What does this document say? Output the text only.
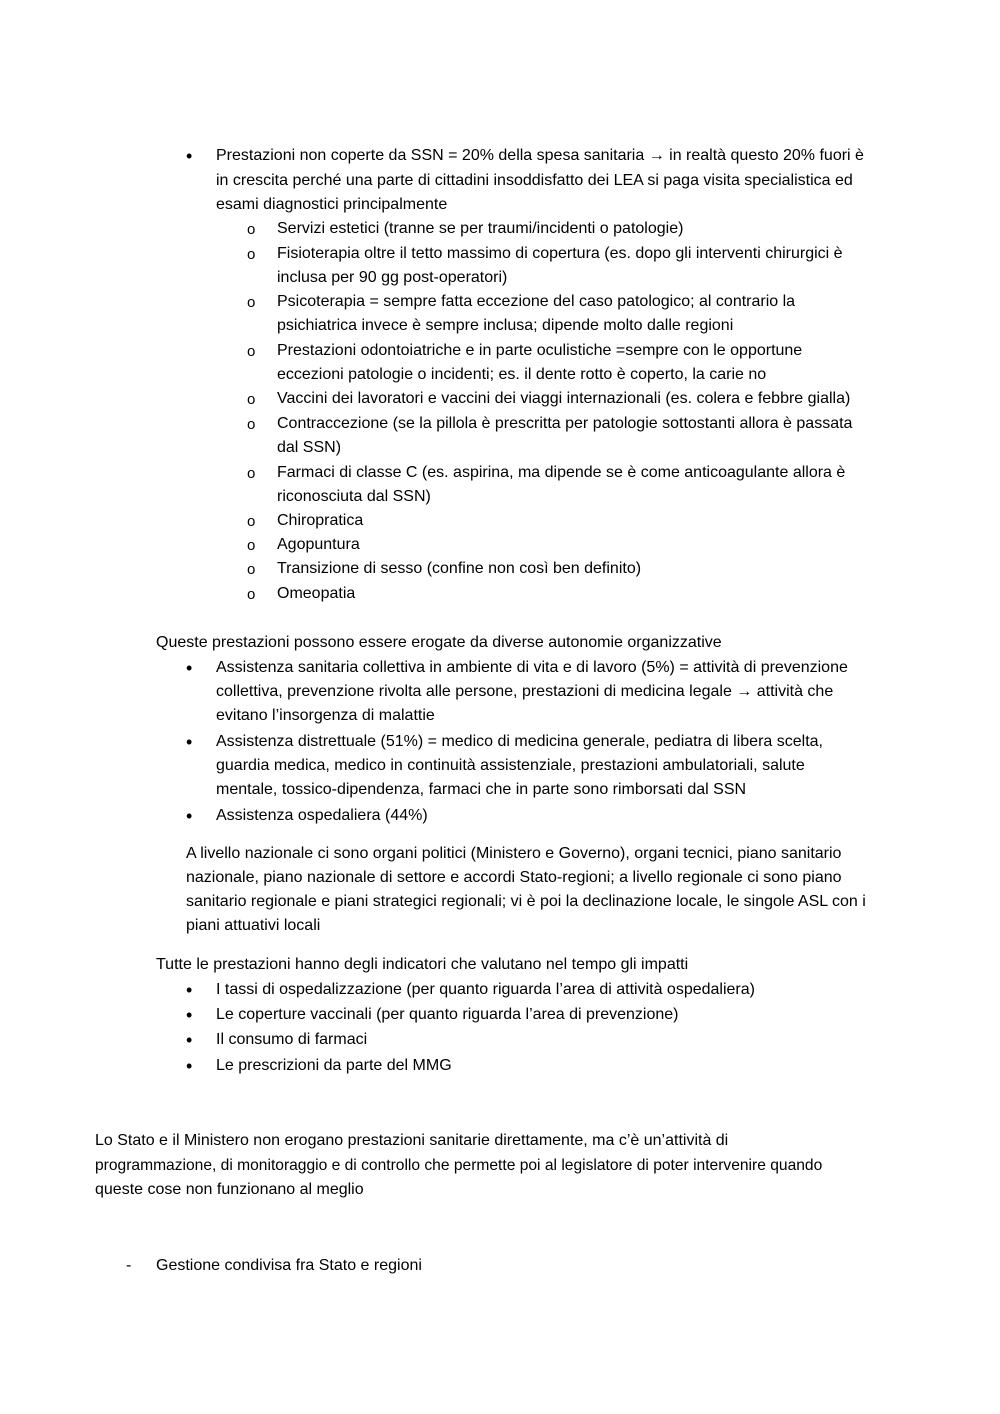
• Prestazioni non coperte da SSN = 20% della spesa sanitaria → in realtà questo 20% fuori è
in crescita perché una parte di cittadini insoddisfatto dei LEA si paga visita specialistica ed
esami diagnostici principalmente
o Servizi estetici (tranne se per traumi/incidenti o patologie)
o Fisioterapia oltre il tetto massimo di copertura (es. dopo gli interventi chirurgici è
inclusa per 90 gg post-operatori)
o Psicoterapia = sempre fatta eccezione del caso patologico; al contrario la
psichiatrica invece è sempre inclusa; dipende molto dalle regioni
o Prestazioni odontoiatriche e in parte oculistiche =sempre con le opportune
eccezioni patologie o incidenti; es. il dente rotto è coperto, la carie no
o Vaccini dei lavoratori e vaccini dei viaggi internazionali (es. colera e febbre gialla)
o Contraccezione (se la pillola è prescritta per patologie sottostanti allora è passata
dal SSN)
o Farmaci di classe C (es. aspirina, ma dipende se è come anticoagulante allora è
riconosciuta dal SSN)
o Chiropratica
o Agopuntura
o Transizione di sesso (confine non così ben definito)
o Omeopatia
Queste prestazioni possono essere erogate da diverse autonomie organizzative
• Assistenza sanitaria collettiva in ambiente di vita e di lavoro (5%) = attività di prevenzione
collettiva, prevenzione rivolta alle persone, prestazioni di medicina legale → attività che
evitano l’insorgenza di malattie
• Assistenza distrettuale (51%) = medico di medicina generale, pediatra di libera scelta,
guardia medica, medico in continuità assistenziale, prestazioni ambulatoriali, salute
mentale, tossico-dipendenza, farmaci che in parte sono rimborsati dal SSN
• Assistenza ospedaliera (44%)
A livello nazionale ci sono organi politici (Ministero e Governo), organi tecnici, piano sanitario
nazionale, piano nazionale di settore e accordi Stato-regioni; a livello regionale ci sono piano
sanitario regionale e piani strategici regionali; vi è poi la declinazione locale, le singole ASL con i
piani attuativi locali
Tutte le prestazioni hanno degli indicatori che valutano nel tempo gli impatti
• I tassi di ospedalizzazione (per quanto riguarda l’area di attività ospedaliera)
• Le coperture vaccinali (per quanto riguarda l’area di prevenzione)
• Il consumo di farmaci
• Le prescrizioni da parte del MMG
Lo Stato e il Ministero non erogano prestazioni sanitarie direttamente, ma c’è un’attività di
programmazione, di monitoraggio e di controllo che permette poi al legislatore di poter intervenire quando
queste cose non funzionano al meglio
- Gestione condivisa fra Stato e regioni
